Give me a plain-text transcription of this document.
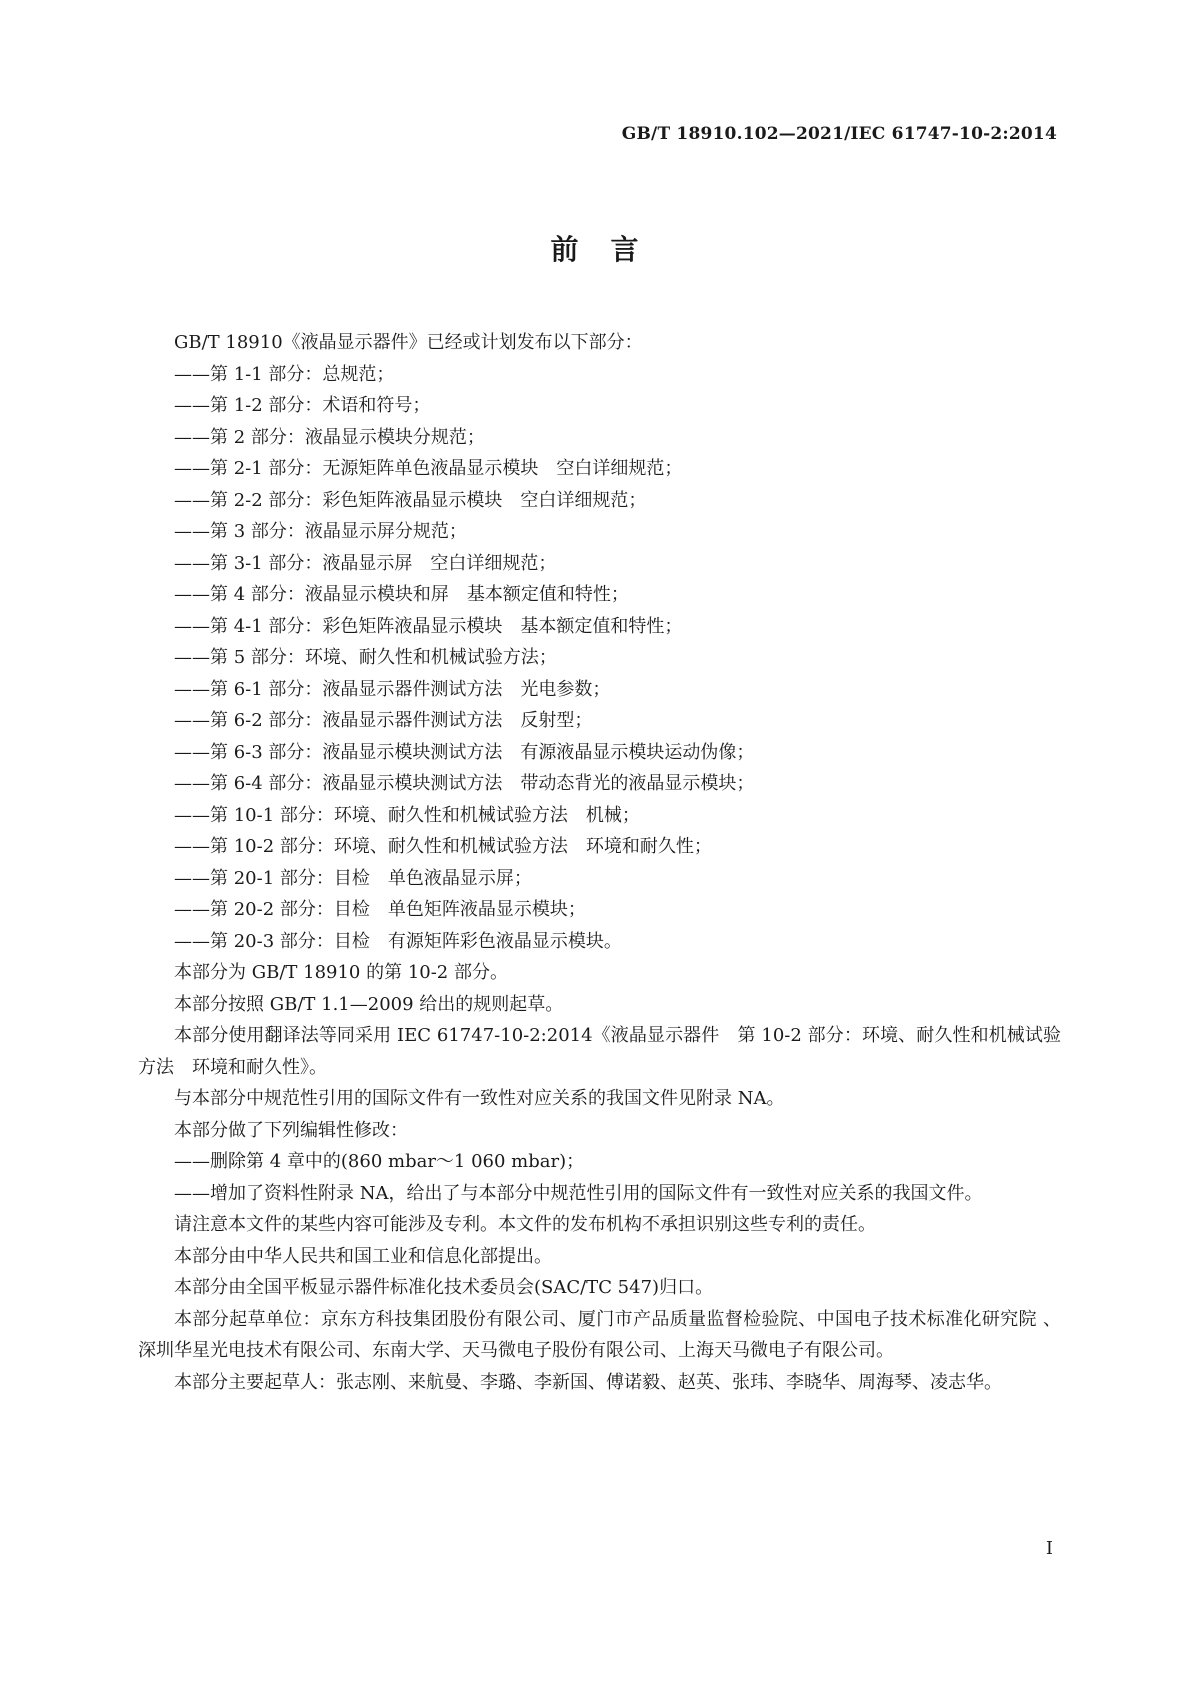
GB/T 18910.102—2021/IEC 61747-10-2:2014
前　言

GB/T 18910《液晶显示器件》已经或计划发布以下部分：

——第 1-1 部分：总规范；

——第 1-2 部分：术语和符号；

——第 2 部分：液晶显示模块分规范；

——第 2-1 部分：无源矩阵单色液晶显示模块　空白详细规范；

——第 2-2 部分：彩色矩阵液晶显示模块　空白详细规范；

——第 3 部分：液晶显示屏分规范；

——第 3-1 部分：液晶显示屏　空白详细规范；

——第 4 部分：液晶显示模块和屏　基本额定值和特性；

——第 4-1 部分：彩色矩阵液晶显示模块　基本额定值和特性；

——第 5 部分：环境、耐久性和机械试验方法；

——第 6-1 部分：液晶显示器件测试方法　光电参数；

——第 6-2 部分：液晶显示器件测试方法　反射型；

——第 6-3 部分：液晶显示模块测试方法　有源液晶显示模块运动伪像；

——第 6-4 部分：液晶显示模块测试方法　带动态背光的液晶显示模块；

——第 10-1 部分：环境、耐久性和机械试验方法　机械；

——第 10-2 部分：环境、耐久性和机械试验方法　环境和耐久性；

——第 20-1 部分：目检　单色液晶显示屏；

——第 20-2 部分：目检　单色矩阵液晶显示模块；

——第 20-3 部分：目检　有源矩阵彩色液晶显示模块。

本部分为 GB/T 18910 的第 10-2 部分。

本部分按照 GB/T 1.1—2009 给出的规则起草。

本部分使用翻译法等同采用 IEC 61747-10-2:2014《液晶显示器件　第 10-2 部分：环境、耐久性和机械试验方法　环境和耐久性》。

与本部分中规范性引用的国际文件有一致性对应关系的我国文件见附录 NA。

本部分做了下列编辑性修改：

——删除第 4 章中的(860 mbar～1 060 mbar)；

——增加了资料性附录 NA，给出了与本部分中规范性引用的国际文件有一致性对应关系的我国文件。

请注意本文件的某些内容可能涉及专利。本文件的发布机构不承担识别这些专利的责任。

本部分由中华人民共和国工业和信息化部提出。

本部分由全国平板显示器件标准化技术委员会(SAC/TC 547)归口。

本部分起草单位：京东方科技集团股份有限公司、厦门市产品质量监督检验院、中国电子技术标准化研究院 、深圳华星光电技术有限公司、东南大学、天马微电子股份有限公司、上海天马微电子有限公司。

本部分主要起草人：张志刚、来航曼、李璐、李新国、傅诺毅、赵英、张玮、李晓华、周海琴、凌志华。

I
